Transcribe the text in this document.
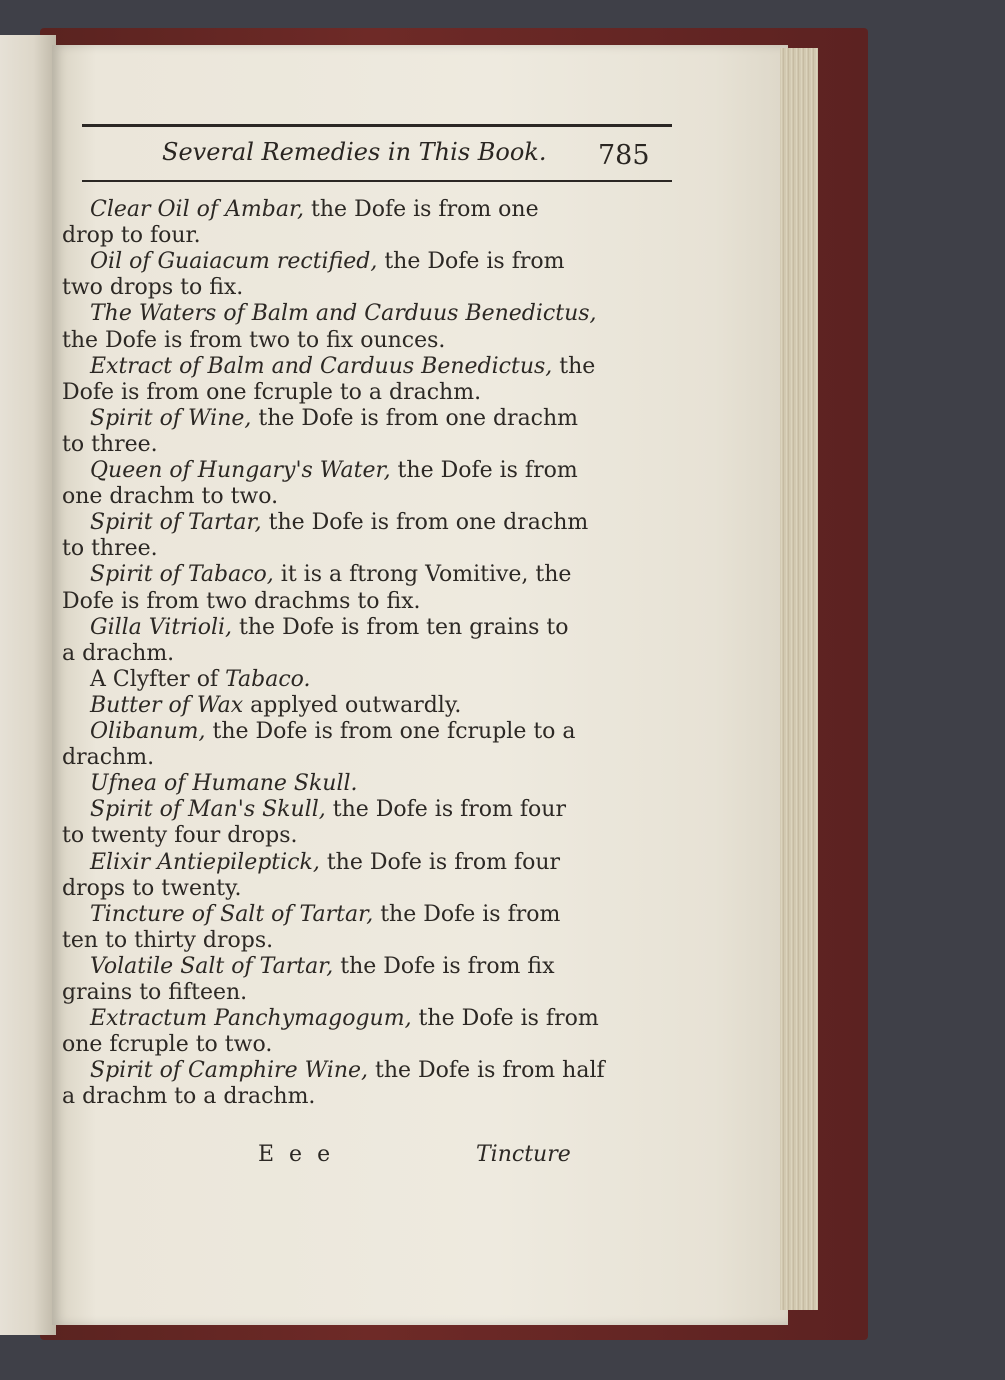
Several Remedies in This Book. 785
Clear Oil of Ambar, the Dofe is from one
drop to four.
Oil of Guaiacum rectified, the Dofe is from
two drops to fix.
The Waters of Balm and Carduus Benedictus,
the Dofe is from two to fix ounces.
Extract of Balm and Carduus Benedictus, the
Dofe is from one fcruple to a drachm.
Spirit of Wine, the Dofe is from one drachm
to three.
Queen of Hungary's Water, the Dofe is from
one drachm to two.
Spirit of Tartar, the Dofe is from one drachm
to three.
Spirit of Tabaco, it is a ftrong Vomitive, the
Dofe is from two drachms to fix.
Gilla Vitrioli, the Dofe is from ten grains to
a drachm.
A Clyfter of Tabaco.
Butter of Wax applyed outwardly.
Olibanum, the Dofe is from one fcruple to a
drachm.
Ufnea of Humane Skull.
Spirit of Man's Skull, the Dofe is from four
to twenty four drops.
Elixir Antiepileptick, the Dofe is from four
drops to twenty.
Tincture of Salt of Tartar, the Dofe is from
ten to thirty drops.
Volatile Salt of Tartar, the Dofe is from fix
grains to fifteen.
Extractum Panchymagogum, the Dofe is from
one fcruple to two.
Spirit of Camphire Wine, the Dofe is from half
a drachm to a drachm.
E e e	Tincture
